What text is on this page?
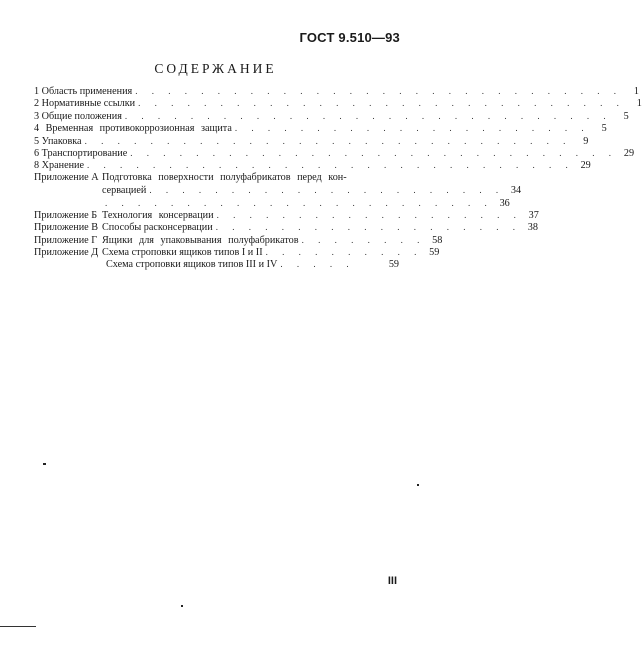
ГОСТ 9.510—93
СОДЕРЖАНИЕ
1 Область применения . . . . . . . . . . . . . . . . . . . . . . . . . . . . . .	1
2 Нормативные ссылки . . . . . . . . . . . . . . . . . . . . . . . . . . . . . .	1
3 Общие положения . . . . . . . . . . . . . . . . . . . . . . . . . . . . . .	5
4 Временная противокоррозионная защита . . . . . . . . . . . . . . . . . . . . . .	5
5 Упаковка . . . . . . . . . . . . . . . . . . . . . . . . . . . . . .	9
6 Транспортирование . . . . . . . . . . . . . . . . . . . . . . . . . . . . . . 29
8 Хранение . . . . . . . . . . . . . . . . . . . . . . . . . . . . . . 29
Приложение А Подготовка поверхности полуфабрикатов перед кон-
сервацией . . . . . . . . . . . . . . . . . . . . . . 34
. . . . . . . . . . . . . . . . . . . . . . . . 36
Приложение Б Технология консервации . . . . . . . . . . . . . . . . . . . 37
Приложение В Способы расконсервации . . . . . . . . . . . . . . . . . . . 38
Приложение Г Ящики для упаковывания полуфабрикатов . . . . . . . . 58
Приложение Д Схема строповки ящиков типов I и II . . . . . . . . . . 59
Схема строповки ящиков типов III и IV . . . . .	59
III
